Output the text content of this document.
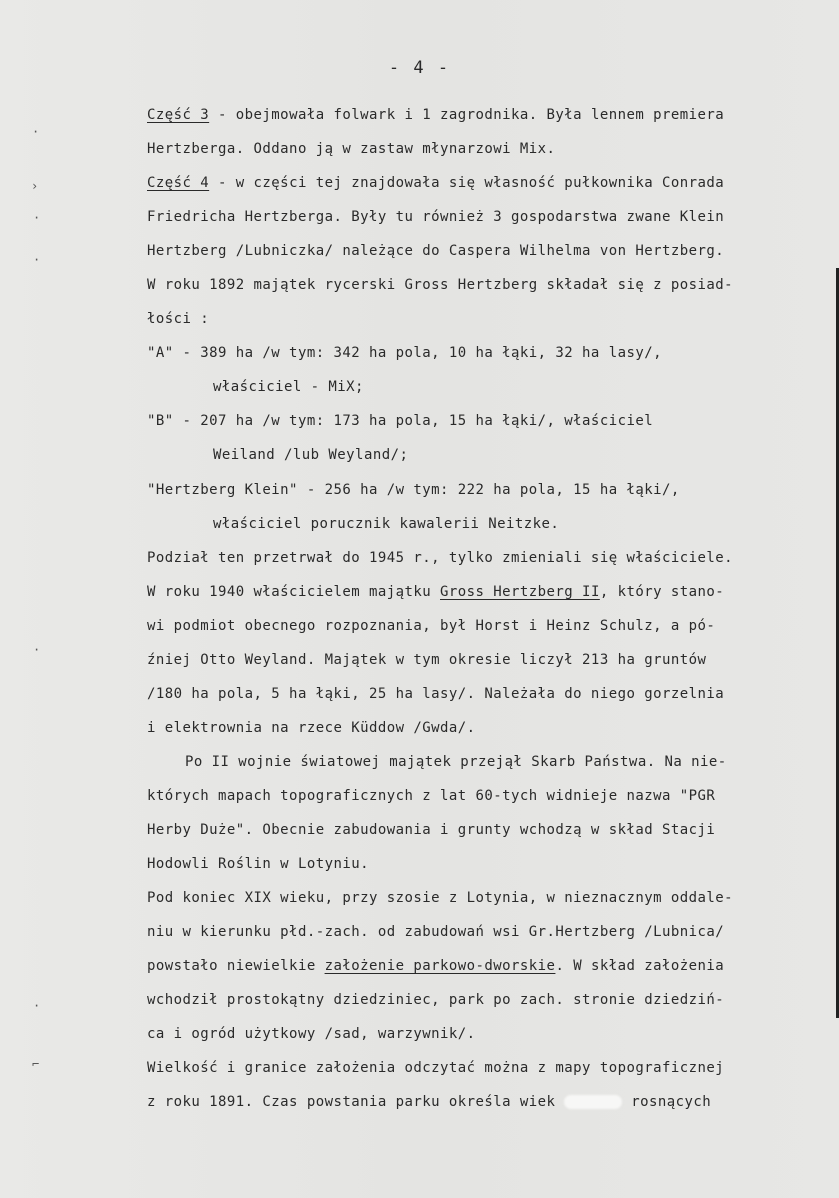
- 4 -
·
›
·
·
·
·
⌐
Część 3 - obejmowała folwark i 1 zagrodnika. Była lennem premiera
Hertzberga. Oddano ją w zastaw młynarzowi Mix.
Część 4 - w części tej znajdowała się własność pułkownika Conrada
Friedricha Hertzberga. Były tu również 3 gospodarstwa zwane Klein
Hertzberg /Lubniczka/ należące do Caspera Wilhelma von Hertzberg.
W roku 1892 majątek rycerski Gross Hertzberg składał się z posiad-
łości :
"A" - 389 ha /w tym: 342 ha pola, 10 ha łąki, 32 ha lasy/,
właściciel - MiX;
"B" - 207 ha /w tym: 173 ha pola, 15 ha łąki/, właściciel
Weiland /lub Weyland/;
"Hertzberg Klein" - 256 ha /w tym: 222 ha pola, 15 ha łąki/,
właściciel porucznik kawalerii Neitzke.
Podział ten przetrwał do 1945 r., tylko zmieniali się właściciele.
W roku 1940 właścicielem majątku Gross Hertzberg II, który stano-
wi podmiot obecnego rozpoznania, był Horst i Heinz Schulz, a pó-
źniej Otto Weyland. Majątek w tym okresie liczył 213 ha gruntów
/180 ha pola, 5 ha łąki, 25 ha lasy/. Należała do niego gorzelnia
i elektrownia na rzece Küddow /Gwda/.
Po II wojnie światowej majątek przejął Skarb Państwa. Na nie-
których mapach topograficznych z lat 60-tych widnieje nazwa "PGR
Herby Duże". Obecnie zabudowania i grunty wchodzą w skład Stacji
Hodowli Roślin w Lotyniu.
Pod koniec XIX wieku, przy szosie z Lotynia, w nieznacznym oddale-
niu w kierunku płd.-zach. od zabudowań wsi Gr.Hertzberg /Lubnica/
powstało niewielkie założenie parkowo-dworskie. W skład założenia
wchodził prostokątny dziedziniec, park po zach. stronie dziedziń-
ca i ogród użytkowy /sad, warzywnik/.
Wielkość i granice założenia odczytać można z mapy topograficznej
z roku 1891. Czas powstania parku określa wiek	rosnących
